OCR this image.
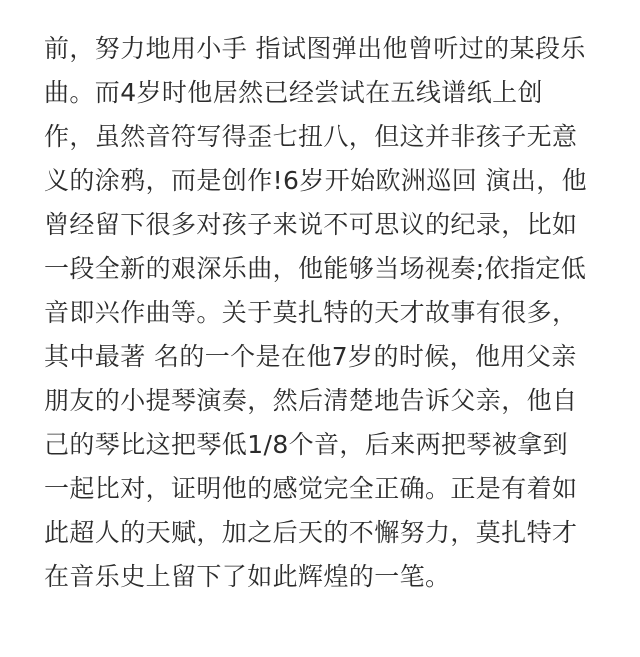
前，努力地用小手 指试图弹出他曾听过的某段乐
曲。而4岁时他居然已经尝试在五线谱纸上创
作，虽然音符写得歪七扭八，但这并非孩子无意
义的涂鸦，而是创作!6岁开始欧洲巡回 演出，他
曾经留下很多对孩子来说不可思议的纪录，比如
一段全新的艰深乐曲，他能够当场视奏;依指定低
音即兴作曲等。关于莫扎特的天才故事有很多，
其中最著 名的一个是在他7岁的时候，他用父亲
朋友的小提琴演奏，然后清楚地告诉父亲，他自
己的琴比这把琴低1/8个音，后来两把琴被拿到
一起比对，证明他的感觉完全正确。正是有着如
此超人的天赋，加之后天的不懈努力，莫扎特才
在音乐史上留下了如此辉煌的一笔。
